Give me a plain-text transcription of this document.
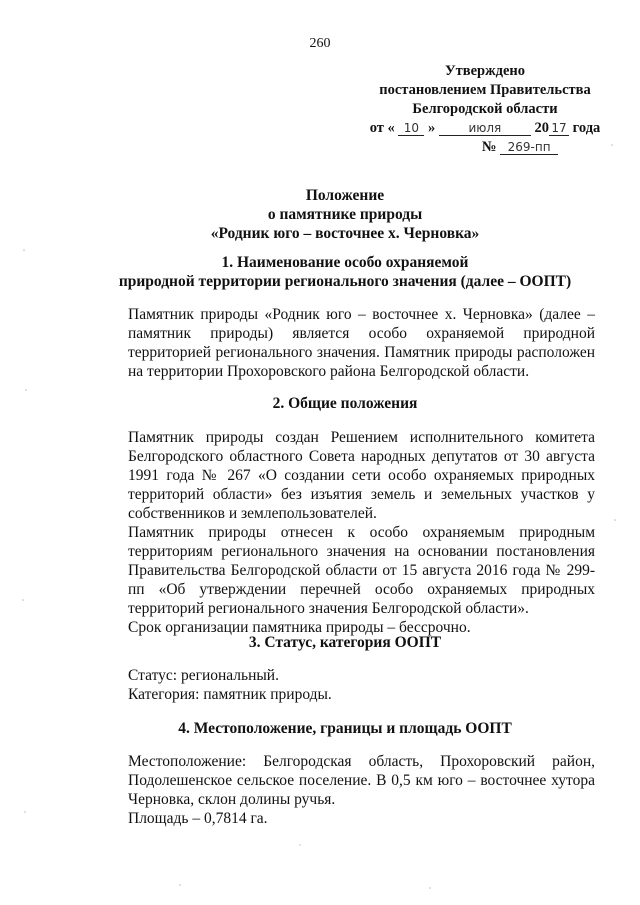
260
Утверждено
постановлением Правительства
Белгородской области
от « 10 »	июля 20 17 года
№ 269-пп
Положение
о памятнике природы
«Родник юго – восточнее х. Черновка»
1. Наименование особо охраняемой
природной территории регионального значения (далее – ООПТ)
Памятник природы «Родник юго – восточнее х. Черновка» (далее – памятник природы) является особо охраняемой природной территорией регионального значения. Памятник природы расположен на территории Прохоровского района Белгородской области.
2. Общие положения
Памятник природы создан Решением исполнительного комитета Белгородского областного Совета народных депутатов от 30 августа 1991 года № 267 «О создании сети особо охраняемых природных территорий области» без изъятия земель и земельных участков у собственников и землепользователей.
Памятник природы отнесен к особо охраняемым природным территориям регионального значения на основании постановления Правительства Белгородской области от 15 августа 2016 года № 299-пп «Об утверждении перечней особо охраняемых природных территорий регионального значения Белгородской области».
Срок организации памятника природы – бессрочно.
3. Статус, категория ООПТ
Статус: региональный.
Категория: памятник природы.
4. Местоположение, границы и площадь ООПТ
Местоположение: Белгородская область, Прохоровский район, Подолешенское сельское поселение. В 0,5 км юго – восточнее хутора Черновка, склон долины ручья.
Площадь – 0,7814 га.
